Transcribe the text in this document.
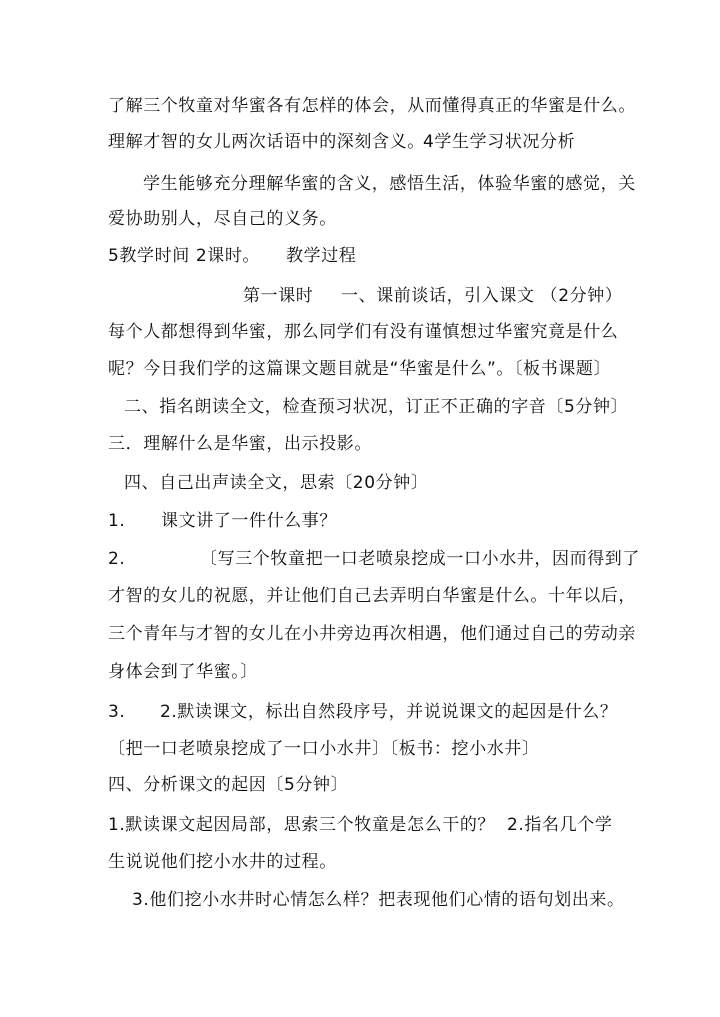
了解三个牧童对华蜜各有怎样的体会，从而懂得真正的华蜜是什么。
理解才智的女儿两次话语中的深刻含义。
4学生学习状况分析
学生能够充分理解华蜜的含义，感悟生活，体验华蜜的感觉，关
爱协助别人，尽自己的义务。
5教学时间 2课时。 教学过程
第一课时 一、课前谈话，引入课文 （2分钟）
每个人都想得到华蜜，那么同学们有没有谨慎想过华蜜究竟是什么
呢？今日我们学的这篇课文题目就是“华蜜是什么”。〔板书课题〕
二、指名朗读全文，检查预习状况，订正不正确的字音〔5分钟〕
三．理解什么是华蜜，出示投影。
四、自己出声读全文，思索〔20分钟〕
1. 课文讲了一件什么事？
2.	〔写三个牧童把一口老喷泉挖成一口小水井，因而得到了
才智的女儿的祝愿，并让他们自己去弄明白华蜜是什么。十年以后，
三个青年与才智的女儿在小井旁边再次相遇，他们通过自己的劳动亲
身体会到了华蜜。〕
3. 2.默读课文，标出自然段序号，并说说课文的起因是什么？
〔把一口老喷泉挖成了一口小水井〕〔板书：挖小水井〕
四、分析课文的起因〔5分钟〕
1.默读课文起因局部，思索三个牧童是怎么干的？ 2.指名几个学
生说说他们挖小水井的过程。
3.他们挖小水井时心情怎么样？把表现他们心情的语句划出来。
